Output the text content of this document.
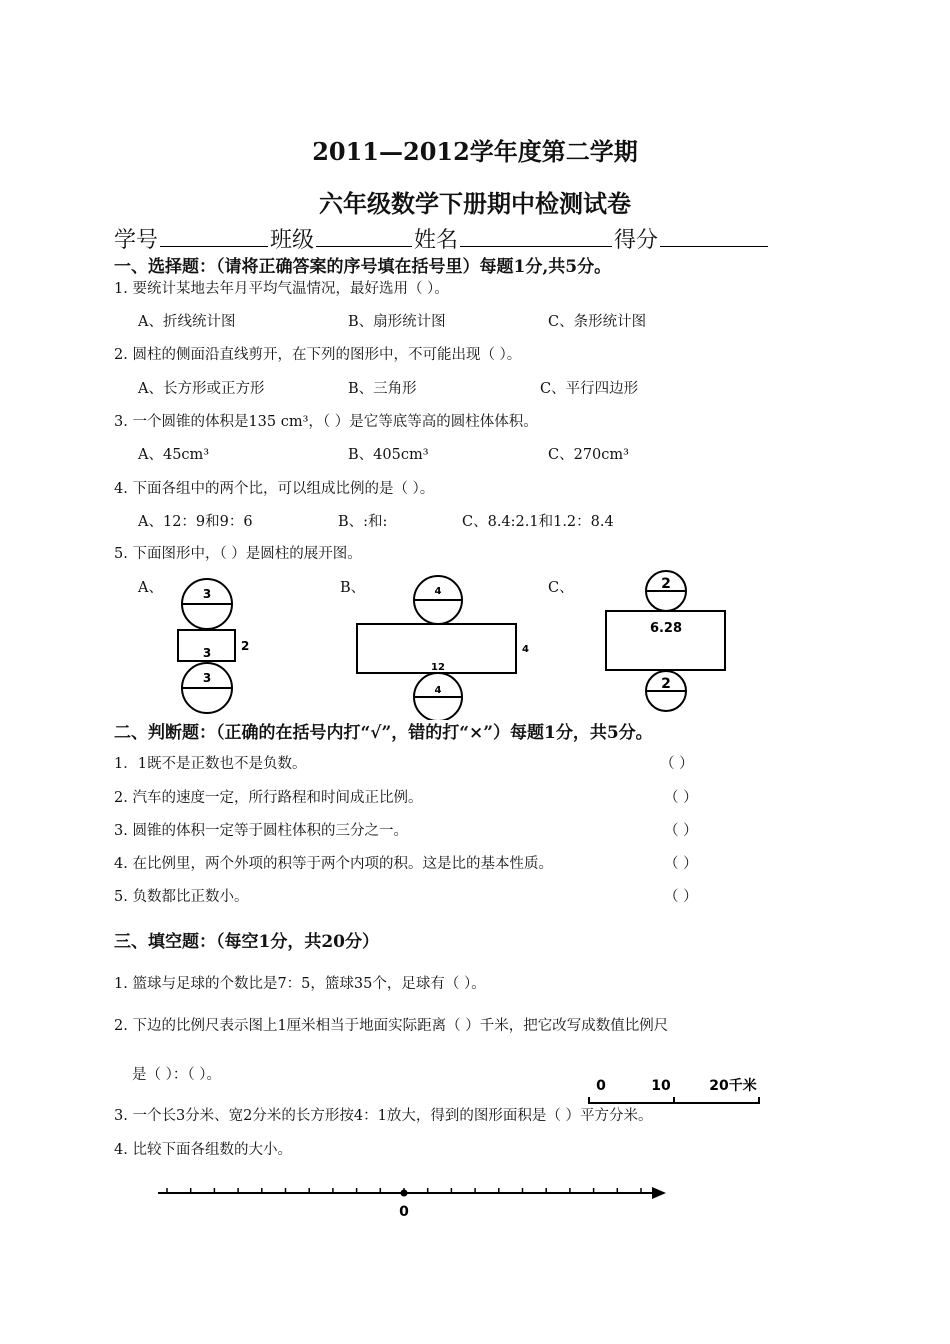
2011—2012学年度第二学期
六年级数学下册期中检测试卷
学号	班级	姓名	得分
一、选择题：（请将正确答案的序号填在括号里）每题1分,共5分。
1. 要统计某地去年月平均气温情况，最好选用（ ）。
A、折线统计图	B、扇形统计图	C、条形统计图
2. 圆柱的侧面沿直线剪开，在下列的图形中，不可能出现（ ）。
A、长方形或正方形	B、三角形	C、平行四边形
3. 一个圆锥的体积是135 cm³，（ ）是它等底等高的圆柱体体积。
A、45cm³	B、405cm³	C、270cm³
4. 下面各组中的两个比，可以组成比例的是（ ）。
A、12：9和9：6	B、:和:	C、8.4:2.1和1.2：8.4
5. 下面图形中，（ ）是圆柱的展开图。
A、	B、	C、
3
3 2
3
4
4
12
4
2
6.28
2
二、判断题：（正确的在括号内打“√”，错的打“×”）每题1分，共5分。
1．1既不是正数也不是负数。	（ ）
2. 汽车的速度一定，所行路程和时间成正比例。	（ ）
3. 圆锥的体积一定等于圆柱体积的三分之一。	（ ）
4. 在比例里，两个外项的积等于两个内项的积。这是比的基本性质。	（ ）
5. 负数都比正数小。	（ ）
三、填空题：（每空1分，共20分）
1. 篮球与足球的个数比是7：5，篮球35个，足球有（ ）。
2. 下边的比例尺表示图上1厘米相当于地面实际距离（ ）千米，把它改写成数值比例尺
是（ ）：（ ）。
0	10	20千米
3. 一个长3分米、宽2分米的长方形按4：1放大，得到的图形面积是（ ）平方分米。
4. 比较下面各组数的大小。
0
